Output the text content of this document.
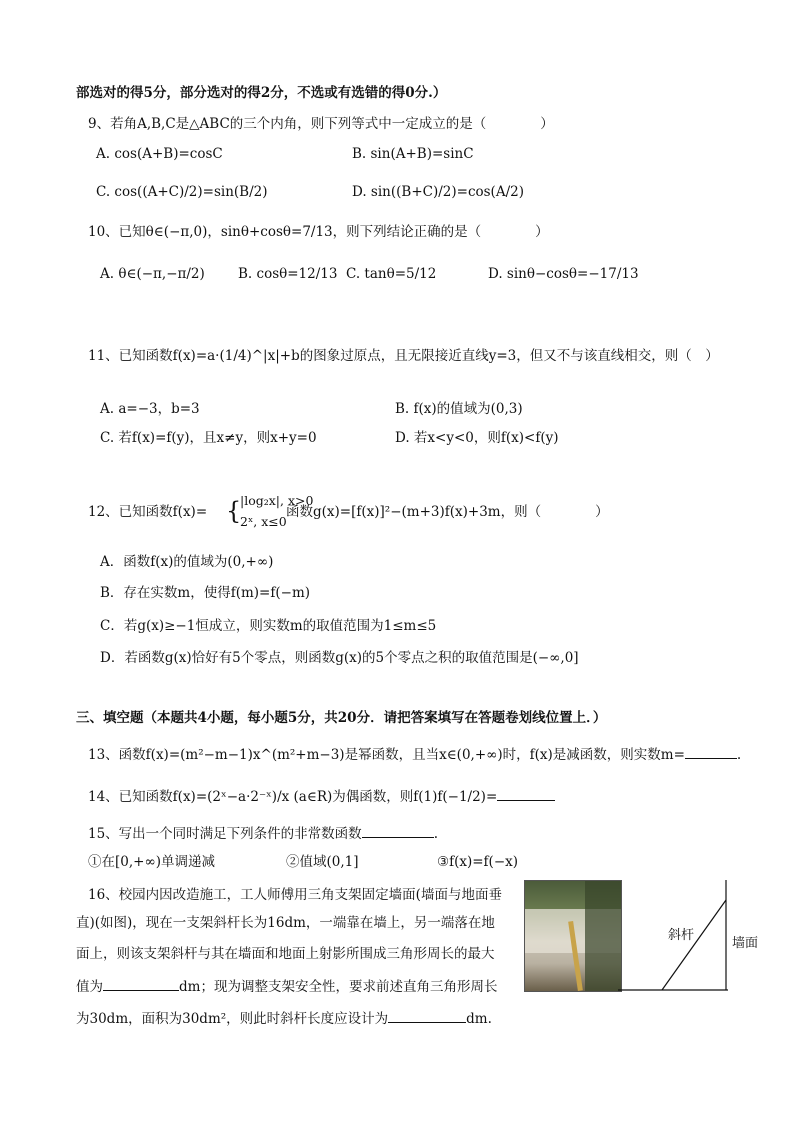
部选对的得5分，部分选对的得2分，不选或有选错的得0分.）
9、若角A,B,C是△ABC的三个内角，则下列等式中一定成立的是（　　　　）
A. cos(A+B)=cosC	B. sin(A+B)=sinC
C. cos((A+C)/2)=sin(B/2)	D. sin((B+C)/2)=cos(A/2)
10、已知θ∈(−π,0)，sinθ+cosθ=7/13，则下列结论正确的是（　　　　）
A. θ∈(−π,−π/2) B. cosθ=12/13 C. tanθ=5/12	D. sinθ−cosθ=−17/13
11、已知函数f(x)=a·(1/4)^|x|+b的图象过原点，且无限接近直线y=3，但又不与该直线相交，则（　）
A. a=−3，b=3	B. f(x)的值域为(0,3)
C. 若f(x)=f(y)，且x≠y，则x+y=0	D. 若x<y<0，则f(x)<f(y)
12、已知函数f(x)= {
|log₂x|, x>0
2ˣ, x≤0
函数g(x)=[f(x)]²−(m+3)f(x)+3m，则（　　　　）
A．函数f(x)的值域为(0,+∞)
B．存在实数m，使得f(m)=f(−m)
C．若g(x)≥−1恒成立，则实数m的取值范围为1≤m≤5
D．若函数g(x)恰好有5个零点，则函数g(x)的5个零点之积的取值范围是(−∞,0]
三、填空题（本题共4小题，每小题5分，共20分．请把答案填写在答题卷划线位置上．）
13、函数f(x)=(m²−m−1)x^(m²+m−3)是幂函数，且当x∈(0,+∞)时，f(x)是减函数，则实数m=	.
14、已知函数f(x)=(2ˣ−a·2⁻ˣ)/x (a∈R)为偶函数，则f(1)f(−1/2)=
15、写出一个同时满足下列条件的非常数函数	.
①在[0,+∞)单调递减	②值域(0,1]	③f(x)=f(−x)
16、校园内因改造施工，工人师傅用三角支架固定墙面(墙面与地面垂
直)(如图)，现在一支架斜杆长为16dm，一端靠在墙上，另一端落在地
面上，则该支架斜杆与其在墙面和地面上射影所围成三角形周长的最大
值为	dm；现为调整支架安全性，要求前述直角三角形周长
为30dm，面积为30dm²，则此时斜杆长度应设计为	dm.
斜杆
墙面
